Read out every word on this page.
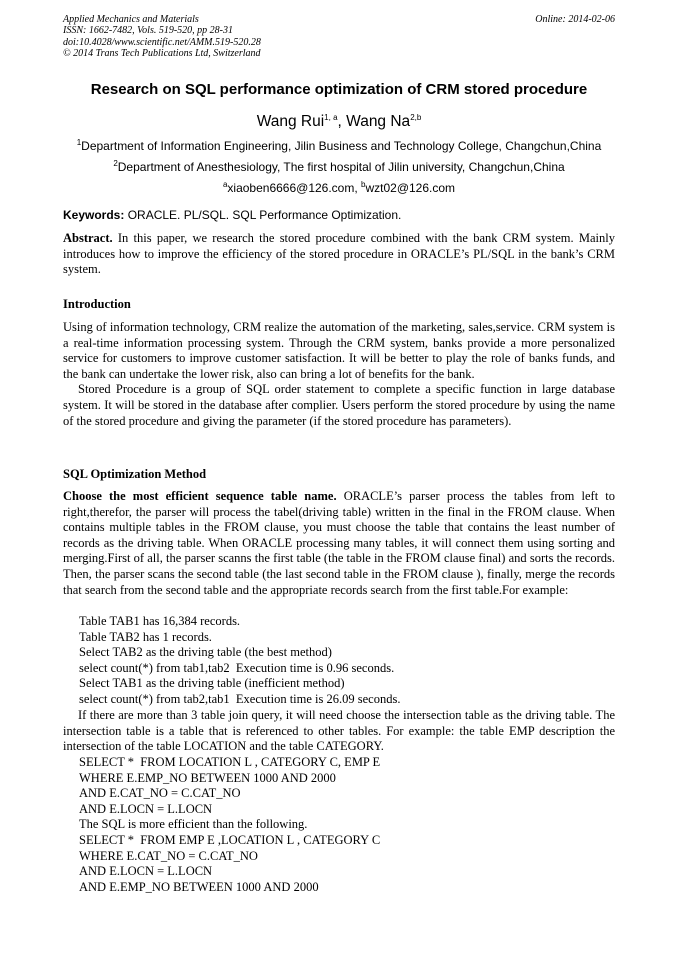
Applied Mechanics and Materials
ISSN: 1662-7482, Vols. 519-520, pp 28-31
doi:10.4028/www.scientific.net/AMM.519-520.28
© 2014 Trans Tech Publications Ltd, Switzerland
Online: 2014-02-06
Research on SQL performance optimization of CRM stored procedure
Wang Rui$^{1, a}$, Wang Na$^{2,b}$
$^1$Department of Information Engineering, Jilin Business and Technology College, Changchun,China
$^2$Department of Anesthesiology, The first hospital of Jilin university, Changchun,China
$^a$xiaoben6666@126.com, $^b$wzt02@126.com
Keywords: ORACLE. PL/SQL. SQL Performance Optimization.

Abstract. In this paper, we research the stored procedure combined with the bank CRM system. Mainly introduces how to improve the efficiency of the stored procedure in ORACLE’s PL/SQL in the bank’s CRM system.

Introduction

Using of information technology, CRM realize the automation of the marketing, sales,service. CRM system is a real-time information processing system. Through the CRM system, banks provide a more personalized service for customers to improve customer satisfaction. It will be better to play the role of banks funds, and the bank can undertake the lower risk, also can bring a lot of benefits for the bank.

Stored Procedure is a group of SQL order statement to complete a specific function in large database system. It will be stored in the database after complier. Users perform the stored procedure by using the name of the stored procedure and giving the parameter (if the stored procedure has parameters).

SQL Optimization Method

Choose the most efficient sequence table name. ORACLE’s parser process the tables from left to right,therefor, the parser will process the tabel(driving table) written in the final in the FROM clause. When contains multiple tables in the FROM clause, you must choose the table that contains the least number of records as the driving table. When ORACLE processing many tables, it will connect them using sorting and merging.First of all, the parser scanns the first table (the table in the FROM clause final) and sorts the records. Then, the parser scans the second table (the last second table in the FROM clause ), finally, merge the records that search from the second table and the appropriate records search from the first table.For example:

Table TAB1 has 16,384 records.
Table TAB2 has 1 records.
Select TAB2 as the driving table (the best method)
select count(*) from tab1,tab2  Execution time is 0.96 seconds.
Select TAB1 as the driving table (inefficient method)
select count(*) from tab2,tab1  Execution time is 26.09 seconds.

If there are more than 3 table join query, it will need choose the intersection table as the driving table. The intersection table is a table that is referenced to other tables. For example: the table EMP description the intersection of the table LOCATION and the table CATEGORY.

SELECT *  FROM LOCATION L , CATEGORY C, EMP E
WHERE E.EMP_NO BETWEEN 1000 AND 2000
AND E.CAT_NO = C.CAT_NO
AND E.LOCN = L.LOCN
The SQL is more efficient than the following.
SELECT *  FROM EMP E ,LOCATION L , CATEGORY C
WHERE E.CAT_NO = C.CAT_NO
AND E.LOCN = L.LOCN
AND E.EMP_NO BETWEEN 1000 AND 2000
